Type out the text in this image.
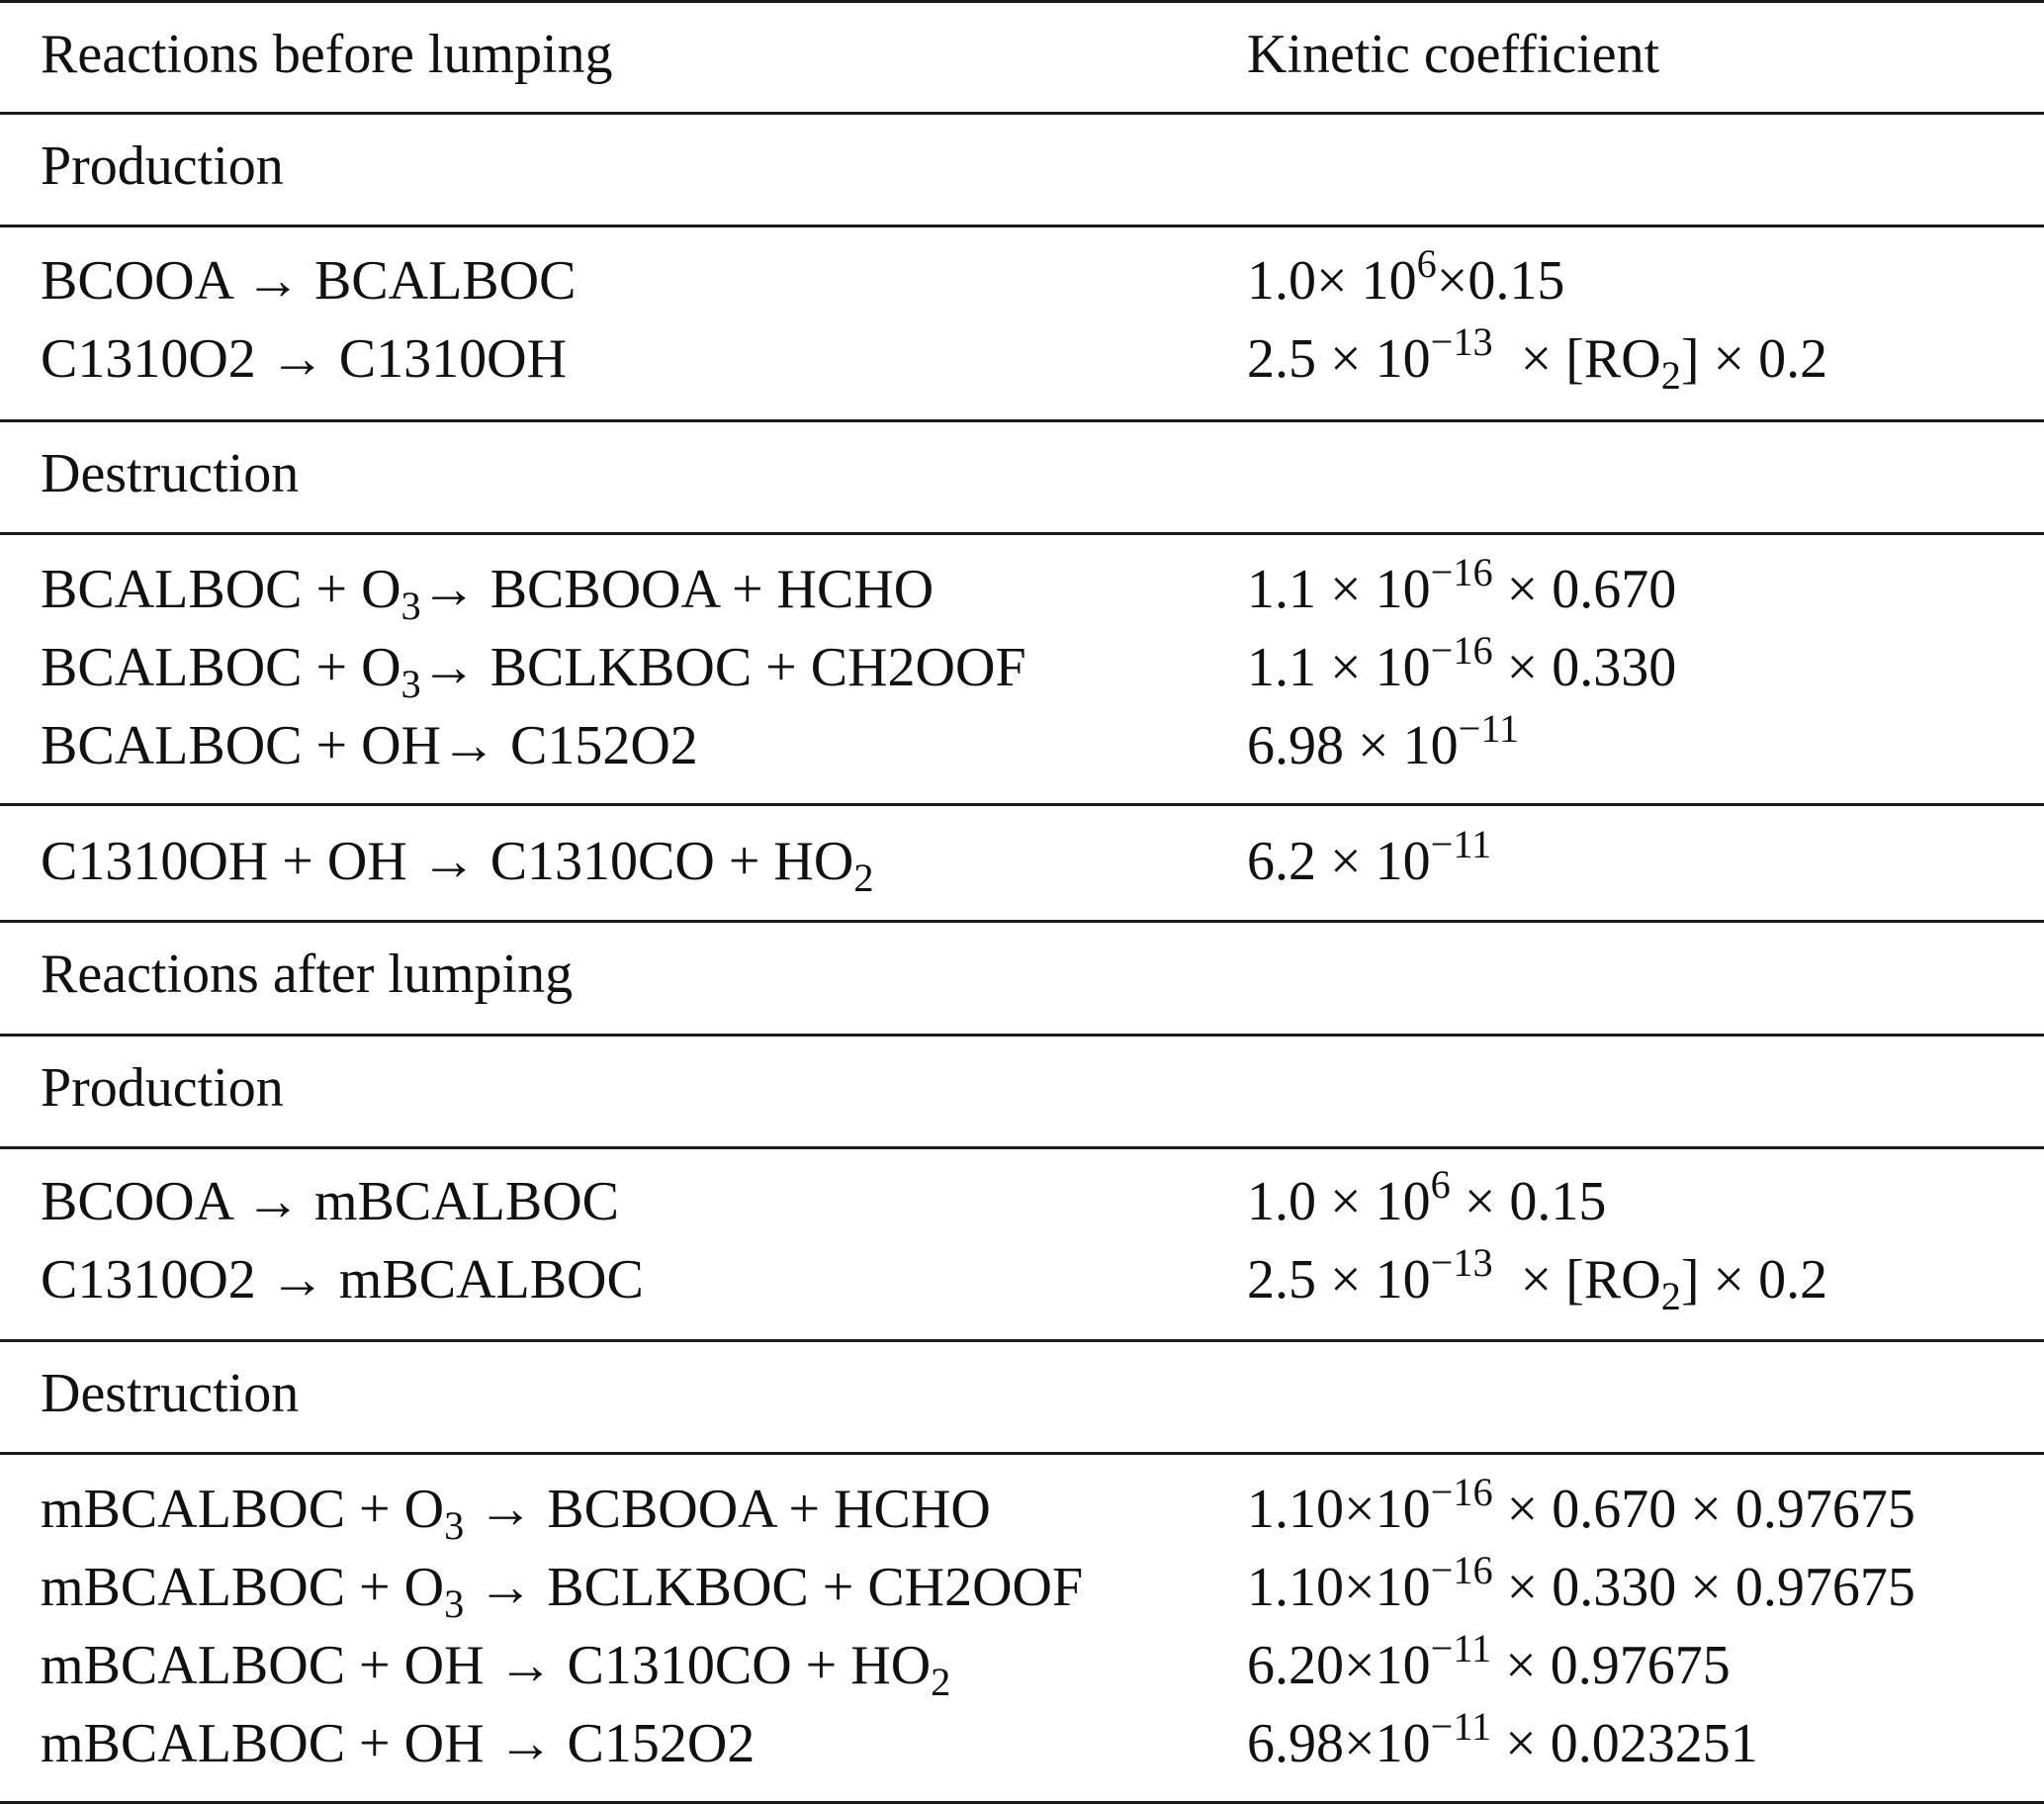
Reactions before lumping	Kinetic coefficient
Production
BCOOA → BCALBOC	$1.0\times 10^6\times 0.15$
C1310O2 → C1310OH	$2.5 \times 10^{-13} \times [RO_2] \times 0.2$
Destruction
BCALBOC + $O_3\to$ BCBOOA + HCHO	$1.1 \times 10^{-16} \times 0.670$
BCALBOC + $O_3\to$ BCLKBOC + CH2OOF	$1.1 \times 10^{-16} \times 0.330$
BCALBOC + OH→ C152O2	$6.98 \times 10^{-11}$
C1310OH + OH → $C1310CO + HO_2$	$6.2 \times 10^{-11}$
Reactions after lumping
Production
BCOOA → mBCALBOC	$1.0 \times 10^6 \times 0.15$
C1310O2 → mBCALBOC	$2.5 \times 10^{-13} \times [RO_2] \times 0.2$
Destruction
mBCALBOC + $O_3$ → BCBOOA + HCHO	$1.10\times 10^{-16} \times 0.670 \times 0.97675$
mBCALBOC + $O_3$ → BCLKBOC + CH2OOF	$1.10\times 10^{-16} \times 0.330 \times 0.97675$
mBCALBOC + OH → $C1310CO + HO_2$	$6.20\times 10^{-11} \times 0.97675$
mBCALBOC + OH → C152O2	$6.98\times 10^{-11} \times 0.023251$
